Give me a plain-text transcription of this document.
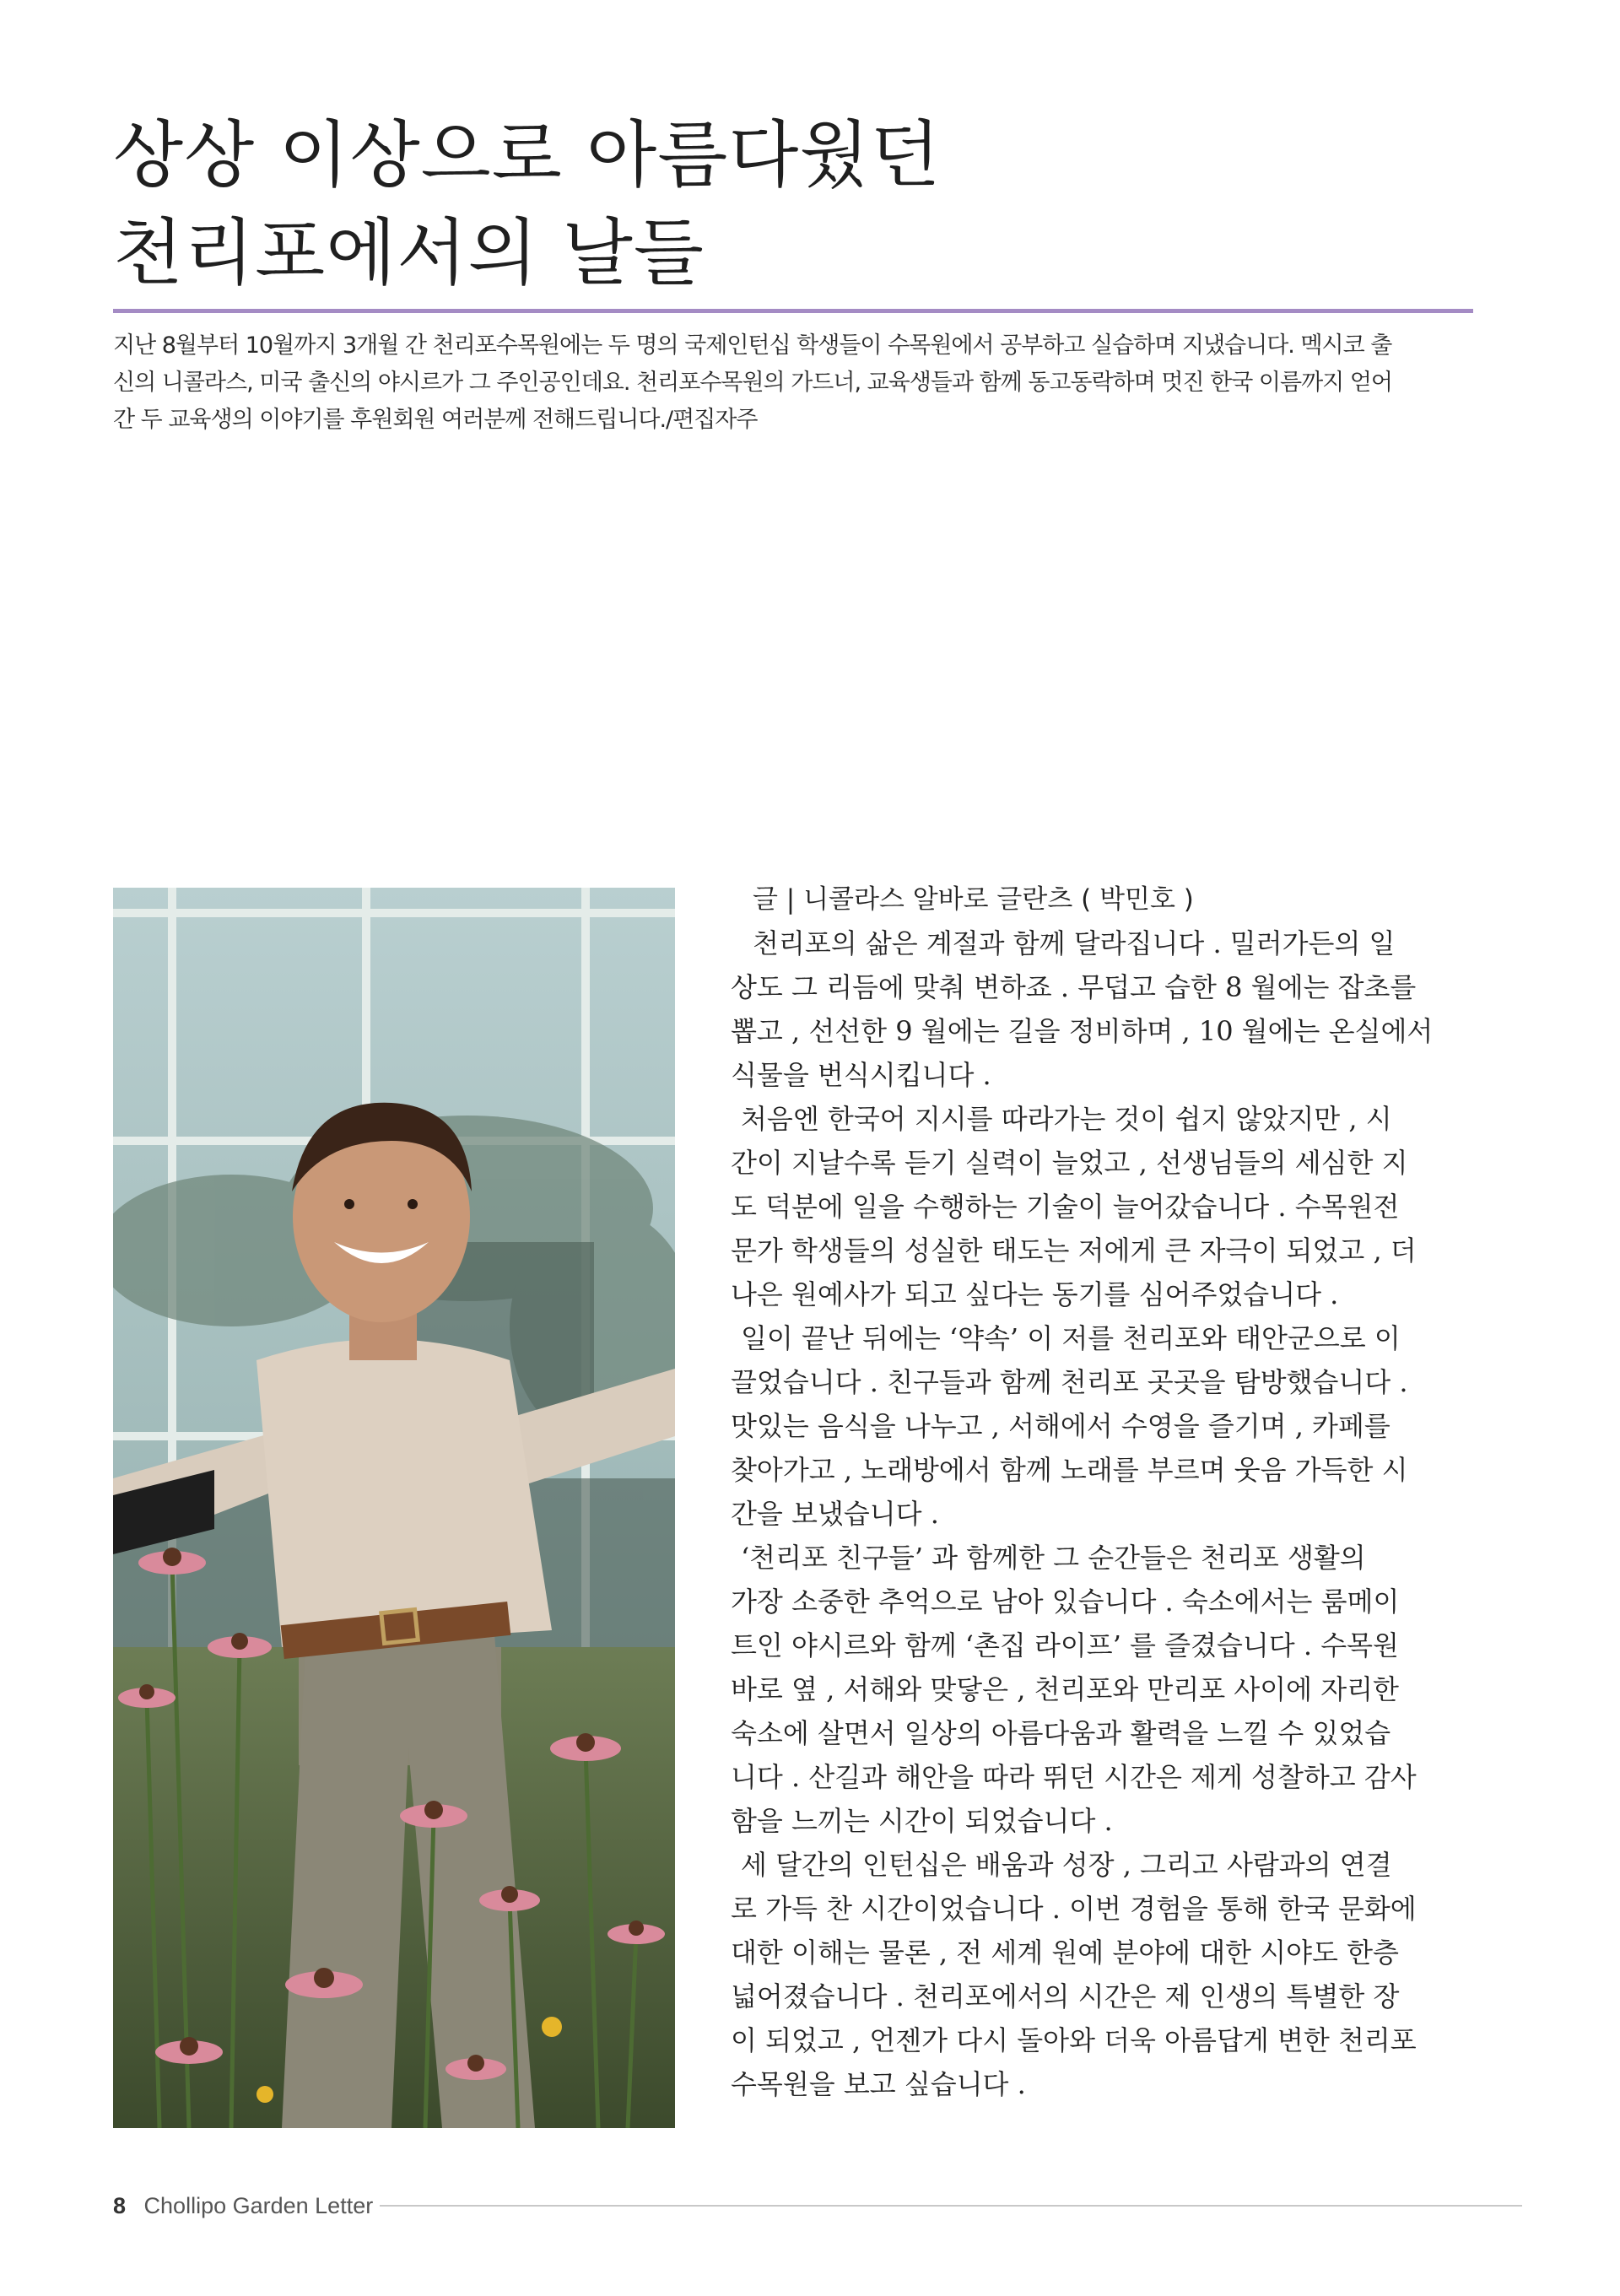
상상 이상으로 아름다웠던
천리포에서의 날들
지난 8월부터 10월까지 3개월 간 천리포수목원에는 두 명의 국제인턴십 학생들이 수목원에서 공부하고 실습하며 지냈습니다. 멕시코 출
신의 니콜라스, 미국 출신의 야시르가 그 주인공인데요. 천리포수목원의 가드너, 교육생들과 함께 동고동락하며 멋진 한국 이름까지 얻어
간 두 교육생의 이야기를 후원회원 여러분께 전해드립니다./편집자주
글 | 니콜라스 알바로 글란츠 ( 박민호 )
천리포의 삶은 계절과 함께 달라집니다 . 밀러가든의 일
상도 그 리듬에 맞춰 변하죠 . 무덥고 습한 8 월에는 잡초를
뽑고 , 선선한 9 월에는 길을 정비하며 , 10 월에는 온실에서
식물을 번식시킵니다 .
처음엔 한국어 지시를 따라가는 것이 쉽지 않았지만 , 시
간이 지날수록 듣기 실력이 늘었고 , 선생님들의 세심한 지
도 덕분에 일을 수행하는 기술이 늘어갔습니다 . 수목원전
문가 학생들의 성실한 태도는 저에게 큰 자극이 되었고 , 더
나은 원예사가 되고 싶다는 동기를 심어주었습니다 .
일이 끝난 뒤에는 ‘약속’ 이 저를 천리포와 태안군으로 이
끌었습니다 . 친구들과 함께 천리포 곳곳을 탐방했습니다 .
맛있는 음식을 나누고 , 서해에서 수영을 즐기며 , 카페를
찾아가고 , 노래방에서 함께 노래를 부르며 웃음 가득한 시
간을 보냈습니다 .
‘천리포 친구들’ 과 함께한 그 순간들은 천리포 생활의
가장 소중한 추억으로 남아 있습니다 . 숙소에서는 룸메이
트인 야시르와 함께 ‘촌집 라이프’ 를 즐겼습니다 . 수목원
바로 옆 , 서해와 맞닿은 , 천리포와 만리포 사이에 자리한
숙소에 살면서 일상의 아름다움과 활력을 느낄 수 있었습
니다 . 산길과 해안을 따라 뛰던 시간은 제게 성찰하고 감사
함을 느끼는 시간이 되었습니다 .
세 달간의 인턴십은 배움과 성장 , 그리고 사람과의 연결
로 가득 찬 시간이었습니다 . 이번 경험을 통해 한국 문화에
대한 이해는 물론 , 전 세계 원예 분야에 대한 시야도 한층
넓어졌습니다 . 천리포에서의 시간은 제 인생의 특별한 장
이 되었고 , 언젠가 다시 돌아와 더욱 아름답게 변한 천리포
수목원을 보고 싶습니다 .
8 Chollipo Garden Letter
